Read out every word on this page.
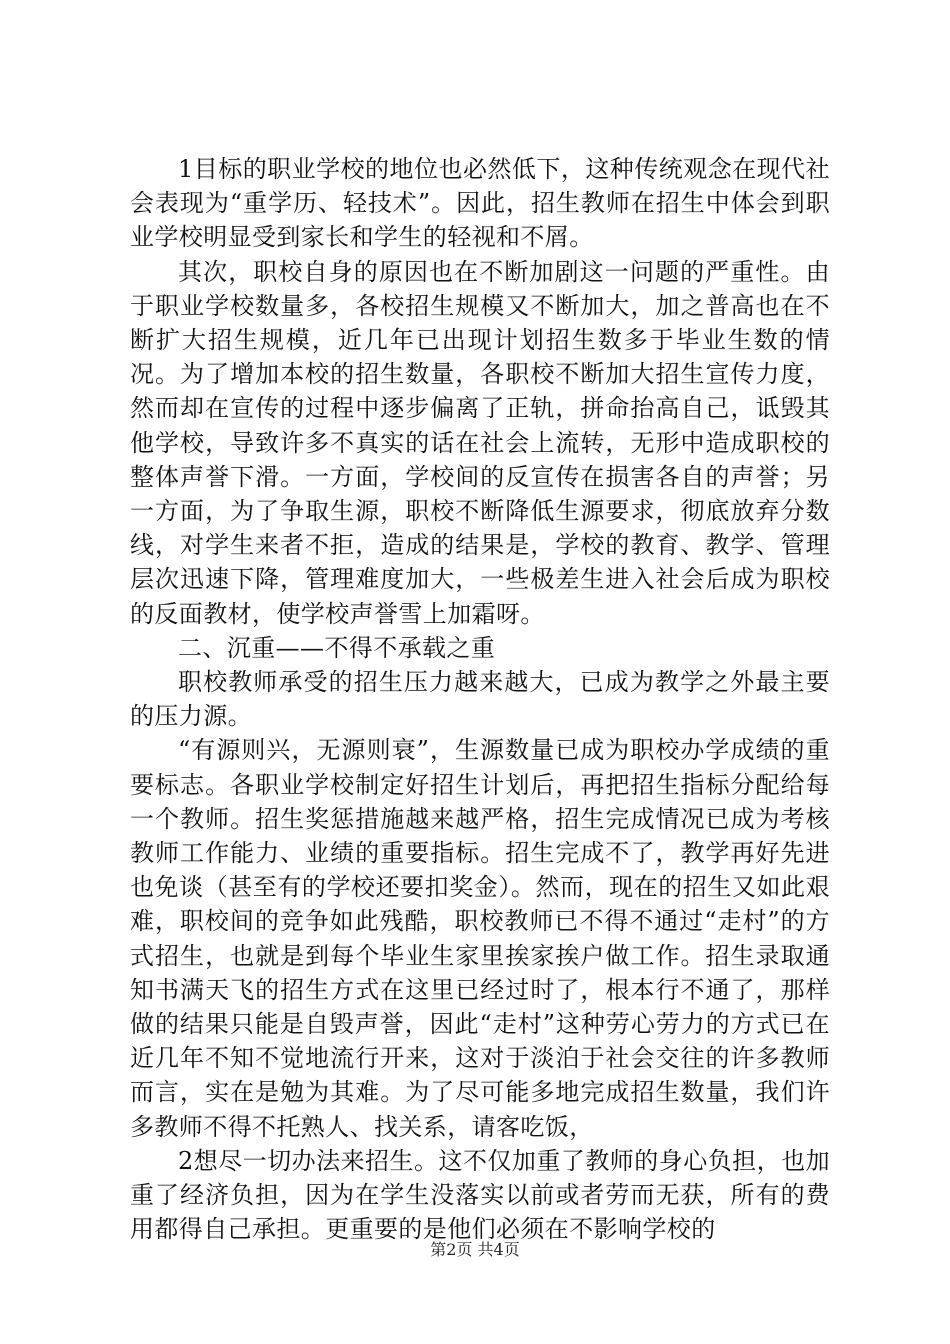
1目标的职业学校的地位也必然低下，这种传统观念在现代社会表现为“重学历、轻技术”。因此，招生教师在招生中体会到职业学校明显受到家长和学生的轻视和不屑。

其次，职校自身的原因也在不断加剧这一问题的严重性。由于职业学校数量多，各校招生规模又不断加大，加之普高也在不断扩大招生规模，近几年已出现计划招生数多于毕业生数的情况。为了增加本校的招生数量，各职校不断加大招生宣传力度，然而却在宣传的过程中逐步偏离了正轨，拼命抬高自己，诋毁其他学校，导致许多不真实的话在社会上流转，无形中造成职校的整体声誉下滑。一方面，学校间的反宣传在损害各自的声誉；另一方面，为了争取生源，职校不断降低生源要求，彻底放弃分数线，对学生来者不拒，造成的结果是，学校的教育、教学、管理层次迅速下降，管理难度加大，一些极差生进入社会后成为职校的反面教材，使学校声誉雪上加霜呀。

二、沉重——不得不承载之重

职校教师承受的招生压力越来越大，已成为教学之外最主要的压力源。

“有源则兴，无源则衰”，生源数量已成为职校办学成绩的重要标志。各职业学校制定好招生计划后，再把招生指标分配给每一个教师。招生奖惩措施越来越严格，招生完成情况已成为考核教师工作能力、业绩的重要指标。招生完成不了，教学再好先进也免谈（甚至有的学校还要扣奖金）。然而，现在的招生又如此艰难，职校间的竞争如此残酷，职校教师已不得不通过“走村”的方式招生，也就是到每个毕业生家里挨家挨户做工作。招生录取通知书满天飞的招生方式在这里已经过时了，根本行不通了，那样做的结果只能是自毁声誉，因此“走村”这种劳心劳力的方式已在近几年不知不觉地流行开来，这对于淡泊于社会交往的许多教师而言，实在是勉为其难。为了尽可能多地完成招生数量，我们许多教师不得不托熟人、找关系，请客吃饭，

2想尽一切办法来招生。这不仅加重了教师的身心负担，也加重了经济负担，因为在学生没落实以前或者劳而无获，所有的费用都得自己承担。更重要的是他们必须在不影响学校的

第2页 共4页
